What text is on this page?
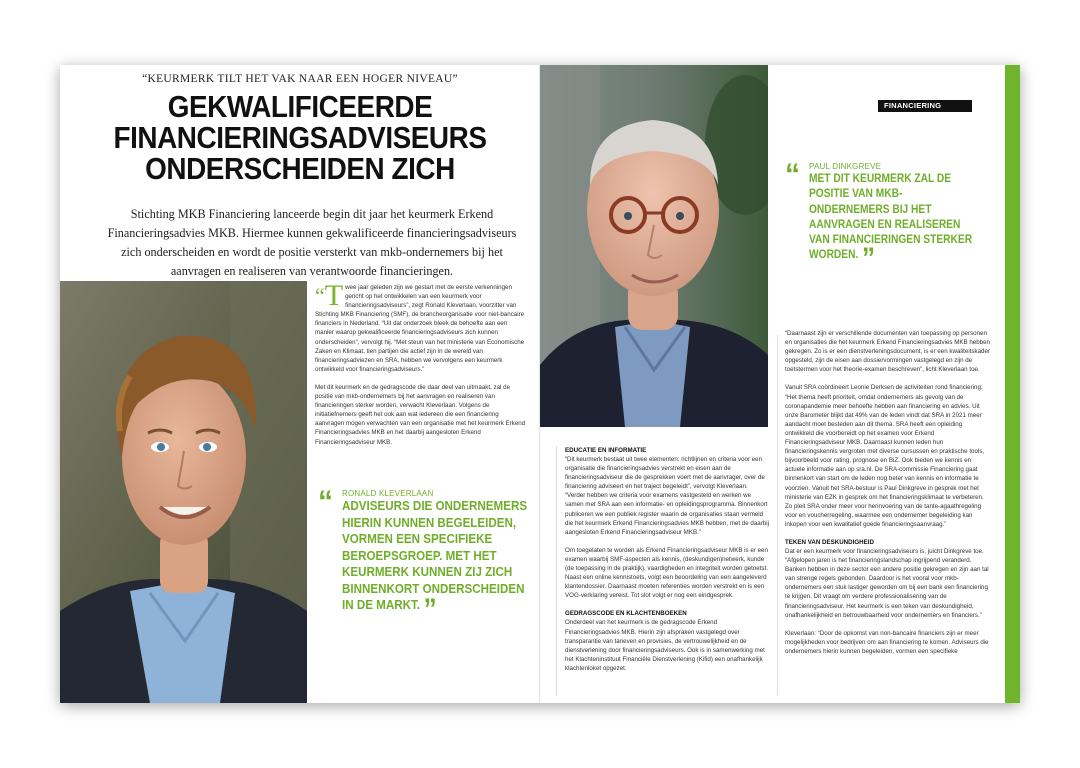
“KEURMERK TILT HET VAK NAAR EEN HOGER NIVEAU”
GEKWALIFICEERDE
FINANCIERINGSADVISEURS
ONDERSCHEIDEN ZICH
Stichting MKB Financiering lanceerde begin dit jaar het keurmerk Erkend Financieringsadvies MKB. Hiermee kunnen gekwalificeerde financieringsadviseurs zich onderscheiden en wordt de positie versterkt van mkb-ondernemers bij het aanvragen en realiseren van verantwoorde financieringen.
“T wee jaar geleden zijn we gestart met de eerste verkenningen gericht op het ontwikkelen van een keurmerk voor financieringsadviseurs”, zegt Ronald Kleverlaan, voorzitter van Stichting MKB Financiering (SMF), de brancheorganisatie voor niet-bancaire financiers in Nederland. “Uit dat onderzoek bleek de behoefte aan een manier waarop gekwalificeerde financieringsadviseurs zich kunnen onderscheiden”, vervolgt hij. “Met steun van het ministerie van Economische Zaken en Klimaat, tien partijen die actief zijn in de wereld van financieringsadviezen en SRA, hebben we vervolgens een keurmerk ontwikkeld voor financieringsadviseurs.”
Met dit keurmerk en de gedragscode die daar deel van uitmaakt, zal de positie van mkb-ondernemers bij het aanvragen en realiseren van financieringen sterker worden, verwacht Kleverlaan. Volgens de initiatiefnemers geeft het ook aan wat iedereen die een financiering aanvragen mogen verwachten van een organisatie met het keurmerk Erkend Financieringsadvies MKB en het daarbij aangesloten Erkend Financieringsadviseur MKB.
“ RONALD KLEVERLAAN
ADVISEURS DIE ONDERNEMERS HIERIN KUNNEN BEGELEIDEN, VORMEN EEN SPECIFIEKE BEROEPSGROEP. MET HET KEURMERK KUNNEN ZIJ ZICH BINNENKORT ONDERSCHEIDEN IN DE MARKT. ”
FINANCIERING
“ PAUL DINKGREVE
MET DIT KEURMERK ZAL DE POSITIE VAN MKB-ONDERNEMERS BIJ HET AANVRAGEN EN REALISEREN VAN FINANCIERINGEN STERKER WORDEN. ”

EDUCATIE EN INFORMATIE

“Dit keurmerk bestaat uit twee elementen: richtlijnen en criteria voor een organisatie die financieringsadvies verstrekt en eisen aan de financieringsadviseur die de gesprekken voert met de aanvrager, over de financiering adviseert en het traject begeleidt”, vervolgt Kleverlaan. “Verder hebben we criteria voor examens vastgesteld en werken we samen met SRA aan een informatie- en opleidingsprogramma. Binnenkort publiceren we een publiek register waarin de organisaties staan vermeld die het keurmerk Erkend Financieringsadvies MKB hebben, met de daarbij aangesloten Erkend Financieringsadviseur MKB.”
Om toegelaten te worden als Erkend Financieringsadviseur MKB is er een examen waarbij SMF-aspecten als kennis, (deskundigen)netwerk, kunde (de toepassing in de praktijk), vaardigheden en integriteit worden getoetst. Naast een online kennistoets, volgt een beoordeling van een aangeleverd klantendossier. Daarnaast moeten referenties worden verstrekt en is een VOG-verklaring vereist. Tot slot volgt er nog een eindgesprek.

GEDRAGSCODE EN KLACHTENBOEKEN

Onderdeel van het keurmerk is de gedragscode Erkend Financieringsadvies MKB. Hierin zijn afspraken vastgelegd over transparantie van tarieven en provisies, de vertrouwelijkheid en de dienstverlening door financieringsadviseurs. Ook is in samenwerking met het Klachteninstituut Financiële Dienstverlening (Kifid) een onafhankelijk klachtenloket opgezet.
“Daarnaast zijn er verschillende documenten van toepassing op personen en organisaties die het keurmerk Erkend Financieringsadvies MKB hebben gekregen. Zo is er een dienstverleningsdocument, is er een kwaliteitskader opgesteld, zijn de eisen aan dossiervormingen vastgelegd en zijn de toetstermen voor het theorie-examen beschreven”, licht Kleverlaan toe.
Vanuit SRA coördineert Leonie Derksen de activiteiten rond financiering: “Het thema heeft prioriteit, omdat ondernemers als gevolg van de coronapandemie meer behoefte hebben aan financiering en advies. Uit onze Barometer blijkt dat 49% van de leden vindt dat SRA in 2021 meer aandacht moet besteden aan dit thema. SRA heeft een opleiding ontwikkeld die voorbereidt op het examen voor Erkend Financieringsadviseur MKB. Daarnaast kunnen leden hun financieringskennis vergroten met diverse cursussen en praktische tools, bijvoorbeeld voor rating, prognose en BiZ. Ook bieden we kennis en actuele informatie aan op sra.nl. De SRA-commissie Financiering gaat binnenkort van start om de leden nog beter van kennis en informatie te voorzien. Vanuit het SRA-bestuur is Paul Dinkgreve in gesprek met het ministerie van EZK in gesprek om het financieringsklimaat te verbeteren. Zo pleit SRA onder meer voor herinvoering van de tante-agaathregeling voor en voucherregeling, waarmee een ondernemer begeleiding kan inkopen voor een kwalitatief goede financieringsaanvraag.”

TEKEN VAN DESKUNDIGHEID

Dat er een keurmerk voor financieringsadviseurs is, juicht Dinkgreve toe. “Afgelopen jaren is het financieringslandschap ingrijpend veranderd. Banken hebben in deze sector een andere positie gekregen en zijn aan tal van strenge regels gebonden. Daardoor is het vooral voor mkb-ondernemers een stuk lastiger geworden om bij een bank een financiering te krijgen. Dit vraagt om verdere professionalisering van de financieringsadviseur. Het keurmerk is een teken van deskundigheid, onafhankelijkheid en betrouwbaarheid voor ondernemers en financiers.”
Kleverlaan: “Door de opkomst van non-bancaire financiers zijn er meer mogelijkheden voor bedrijven om aan financiering te komen. Adviseurs die ondernemers hierin kunnen begeleiden, vormen een specifieke
